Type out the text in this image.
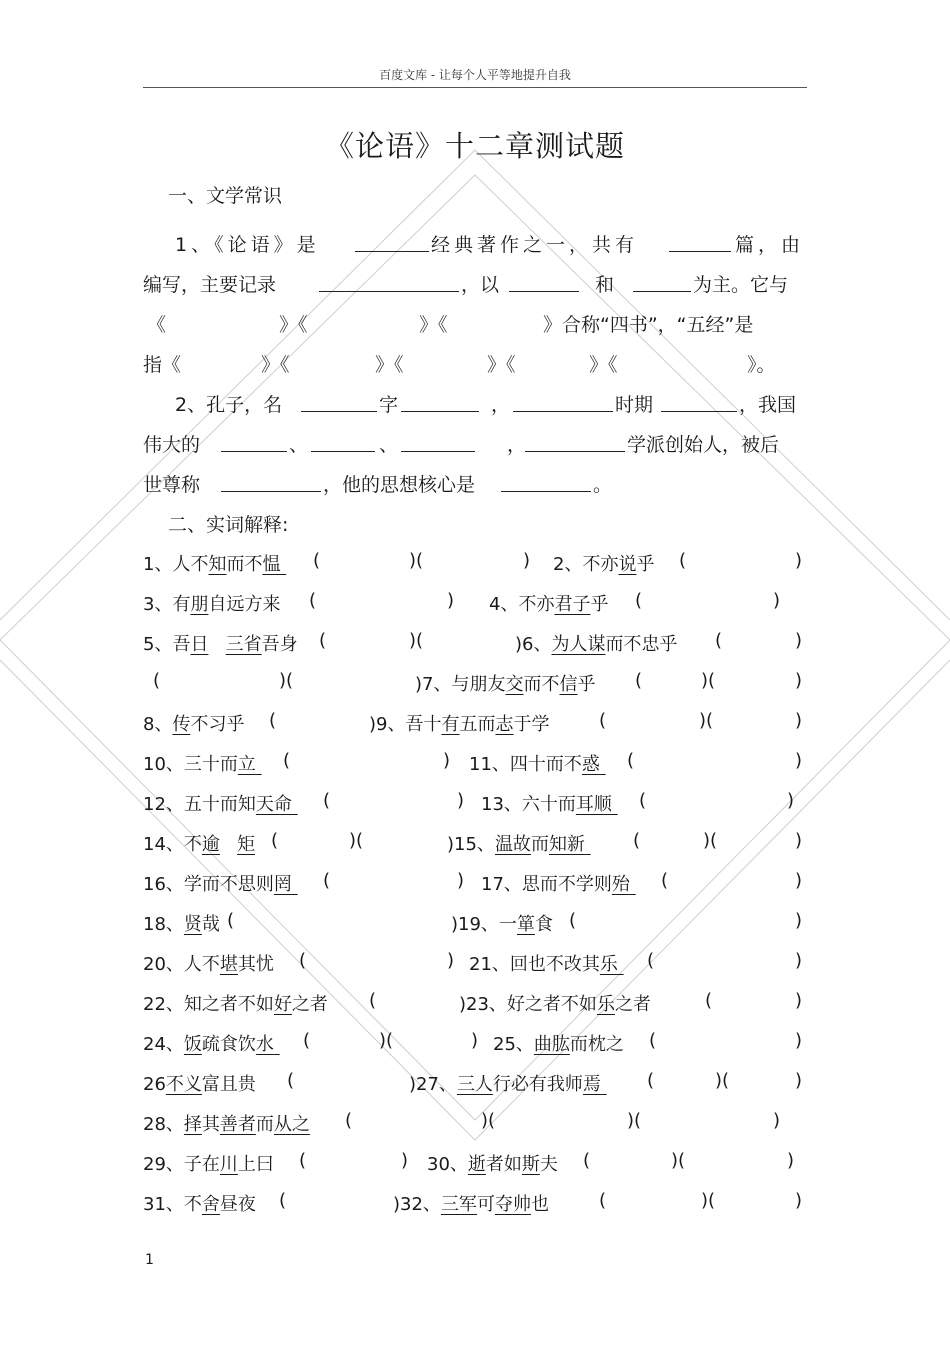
百度文库 - 让每个人平等地提升自我
《论语》十二章测试题
一、文学常识
1、《论语》是	经典著作之一，共有	篇，由
编写，主要记录	，以	和	为主。它与
《	》《	》《	》合称“四书”，“五经”是
指《	》《	》《	》《	》《	》。
2、孔子，名	字	，	时期	，我国
伟大的	、	、	，	学派创始人，被后
世尊称	，他的思想核心是	。
二、实词解释:
1、人不知而不愠	(	)(	) 2、不亦说乎 (	)
3、有朋自远方来 (	) 4、不亦君子乎 (	)
5、吾日 三省吾身 (	)(	)6、为人谋而不忠乎 (	)
(	)(	)7、与朋友交而不信乎 (	)(	)
8、传不习乎 (	)9、吾十有五而志于学	(	)(	)
10、三十而立	(	) 11、四十而不惑	(	)
12、五十而知天命	(	) 13、六十而耳顺	(	)
14、不逾 矩 (	)(	)15、温故而知新	(	)(	)
16、学而不思则罔	(	) 17、思而不学则殆	(	)
18、贤哉 (	)19、一箪食 (	)
20、人不堪其忧 (	) 21、回也不改其乐	(	)
22、知之者不如好之者 (	)23、好之者不如乐之者	(	)
24、饭疏食饮水	(	)(	) 25、曲肱而枕之 (	)
26不义富且贵 (	)27、三人行必有我师焉	(	)(	)
28、择其善者而从之 (	)(	)(	)
29、子在川上曰 (	) 30、逝者如斯夫 (	)(	)
31、不舍昼夜 (	)32、三军可夺帅也	(	)(	)
1
